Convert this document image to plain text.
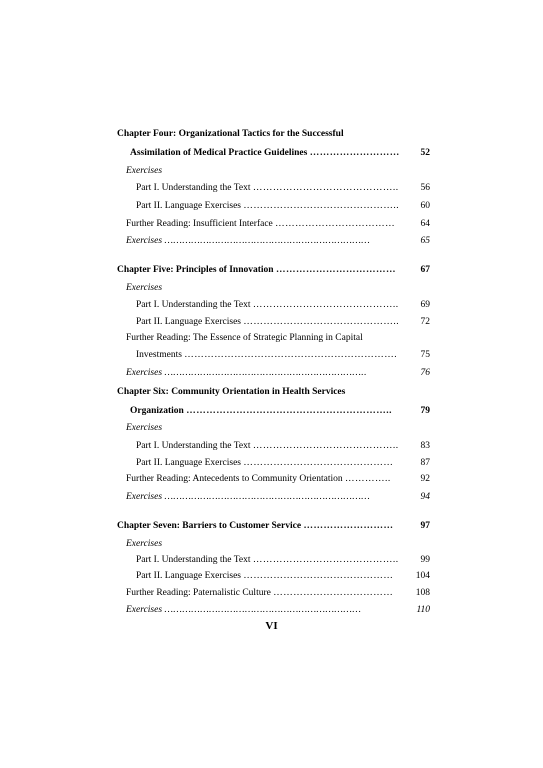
Chapter Four: Organizational Tactics for the Successful
Assimilation of Medical Practice Guidelines ……………………… 52
Exercises
Part I. Understanding the Text …………………………………….. 56
Part II. Language Exercises ……………………………………….. 60
Further Reading: Insufficient Interface ………………………………	64
Exercises ……………………………………………………………	65
Chapter Five: Principles of Innovation ………………………………	67
Exercises
Part I. Understanding the Text …………………………………….. 69
Part II. Language Exercises ……………………………………….. 72
Further Reading: The Essence of Strategic Planning in Capital
Investments ………………………………………………………. 75
Exercises …………………………………………………………..	76
Chapter Six: Community Orientation in Health Services
Organization ……………………………………………………..	79
Exercises
Part I. Understanding the Text …………………………………….. 83
Part II. Language Exercises ………………………………………	87
Further Reading: Antecedents to Community Orientation …………..	92
Exercises ……………………………………………………………	94
Chapter Seven: Barriers to Customer Service ………………………	97
Exercises
Part I. Understanding the Text …………………………………….. 99
Part II. Language Exercises ……………………………………… 104
Further Reading: Paternalistic Culture ……………………………… 108
Exercises …………………………………………………………	110
VI
